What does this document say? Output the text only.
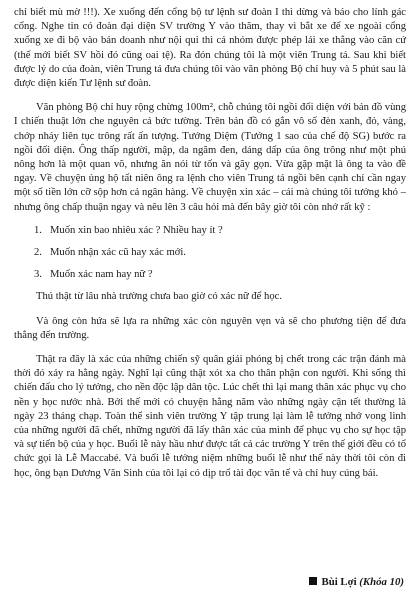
chỉ biết mù mờ !!!). Xe xuống đến cổng bộ tư lệnh sư đoàn I thì dừng và báo cho lính gác cổng. Nghe tin có đoàn đại diện SV trường Y vào thăm, thay vì bắt xe để xe ngoài cổng xuống xe đi bộ vào bản doanh như nội qui thì cả nhóm được phép lái xe thẳng vào căn cứ (thế mới biết SV hồi đó cũng oai tệ). Ra đón chúng tôi là một viên Trung tá. Sau khi biết được lý do của đoàn, viên Trung tá đưa chúng tôi vào văn phòng Bộ chỉ huy và 5 phút sau là được diện kiến Tư lệnh sư đoàn.

Văn phòng Bộ chỉ huy rộng chừng 100m², chỗ chúng tôi ngồi đối diện với bản đồ vùng I chiến thuật lớn che nguyên cả bức tường. Trên bản đồ có gắn vô số đèn xanh, đỏ, vàng, chớp nháy liên tục trông rất ấn tượng. Tướng Diệm (Tướng 1 sao của chế độ SG) bước ra ngồi đối diện. Ông thấp người, mập, da ngăm đen, dáng dấp của ông trông như một phú nông hơn là một quan võ, nhưng ăn nói từ tốn và gãy gọn. Vừa gặp mặt là ông ta vào đề ngay. Về chuyện ủng hộ tất niên ông ra lệnh cho viên Trung tá ngồi bên cạnh chỉ cần ngay một số tiền lớn cỡ sộp hơn cả ngân hàng. Về chuyện xin xác – cái mà chúng tôi tưởng khó – nhưng ông chấp thuận ngay và nêu lên 3 câu hỏi mà đến bây giờ tôi còn nhớ rất kỹ :

1. Muốn xin bao nhiêu xác ? Nhiều hay ít ?
2. Muốn nhận xác cũ hay xác mới.
3. Muốn xác nam hay nữ ?

Thú thật từ lâu nhà trường chưa bao giờ có xác nữ để học.

Và ông còn hứa sẽ lựa ra những xác còn nguyên vẹn và sẽ cho phương tiện để đưa thẳng đến trường.

Thật ra đây là xác của những chiến sỹ quân giải phóng bị chết trong các trận đánh mà thời đó xảy ra hằng ngày. Nghĩ lại cũng thật xót xa cho thân phận con người. Khi sống thì chiến đấu cho lý tưởng, cho nền độc lập dân tộc. Lúc chết thì lại mang thân xác phục vụ cho nền y học nước nhà. Bởi thế mới có chuyện hằng năm vào những ngày cận tết thường là ngày 23 tháng chạp. Toàn thể sinh viên trường Y tập trung lại làm lễ tưởng nhớ vong linh của những người đã chết, những người đã lấy thân xác của mình để phục vụ cho sự học tập và sự tiến bộ của y học. Buổi lễ này hầu như được tất cả các trường Y trên thế giới đều có tổ chức gọi là Lễ Maccabé. Và buổi lễ tưởng niệm những buổi lễ như thế này thời tôi còn đi học, ông bạn Dương Văn Sinh của tôi lại có dịp trổ tài đọc văn tế và chỉ huy cúng bái.

Bùi Lợi (Khóa 10)
